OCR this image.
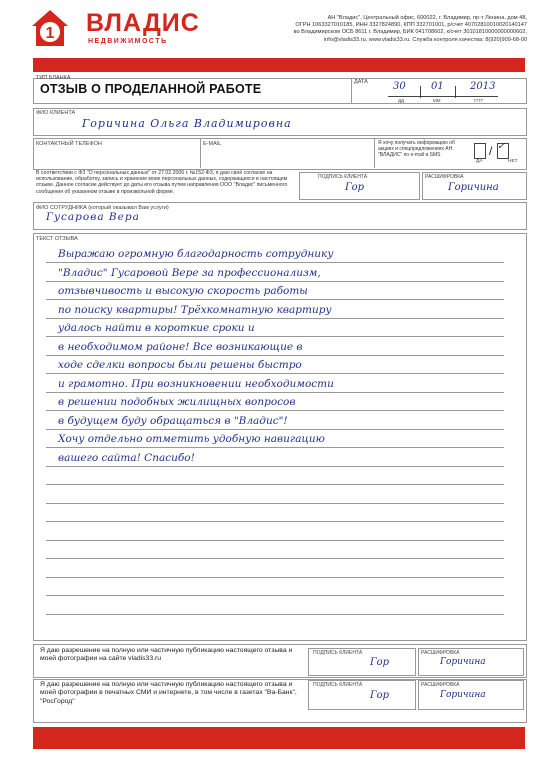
1 ВЛАДИС
НЕДВИЖИМОСТЬ
АН "Владис", Центральный офис, 600022, г. Владимир, пр-т Ленина, дом 48,
ОГРН 1063327010185, ИНН 3327824890, КПП 332701001, р/счет 40702810010020140147
во Владимирском ОСБ 8611 г. Владимир, БИК 041708602, к/счет 30101810000000000602,
info@vladis33.ru, www.vladis33.ru. Служба контроля качества: 8(920)909-68-00
ТИП БЛАНКА
ОТЗЫВ О ПРОДЕЛАННОЙ РАБОТЕ	ДАТА	30	01	2013
ДД	ММ	ГГГГ
ФИО КЛИЕНТА
Горичина Ольга Владимировна
КОНТАКТНЫЙ ТЕЛЕФОН	E-MAIL	Я хочу получать информацию об акциях и спецпредложениях АН "ВЛАДИС" по e-mail и SMS	/ ✓
ДА	НЕТ
В соответствии с ФЗ "О персональных данных" от 27.02.2006 г. №152-ФЗ, я даю своё согласие на использование, обработку, запись и хранение моих персональных данных, содержащихся в настоящем отзыве. Данное согласие действует до даты его отзыва путем направления ООО "Владис" письменного сообщения об указанном отзыве в произвольной форме.
ПОДПИСЬ КЛИЕНТА	РАСШИФРОВКА
Гор	Горичина
ФИО СОТРУДНИКА (который оказывал Вам услуги)
Гусарова Вера
ТЕКСТ ОТЗЫВА
Выражаю огромную благодарность сотруднику
"Владис" Гусаровой Вере за профессионализм,
отзывчивость и высокую скорость работы
по поиску квартиры! Трёхкомнатную квартиру
удалось найти в короткие сроки и
в необходимом районе! Все возникающие в
ходе сделки вопросы были решены быстро
и грамотно. При возникновении необходимости
в решении подобных жилищных вопросов
в будущем буду обращаться в "Владис"!
Хочу отдельно отметить удобную навигацию
вашего сайта! Спасибо!
Я даю разрешение на полную или частичную публикацию настоящего отзыва и моей фотографии на сайте vladis33.ru
ПОДПИСЬ КЛИЕНТА	РАСШИФРОВКА
Гор	Горичина
Я даю разрешение на полную или частичную публикацию настоящего отзыва и моей фотографии в печатных СМИ и интернете, в том числе в газетах "Ва-Банк", "РосГород"
ПОДПИСЬ КЛИЕНТА	РАСШИФРОВКА
Гор	Горичина
